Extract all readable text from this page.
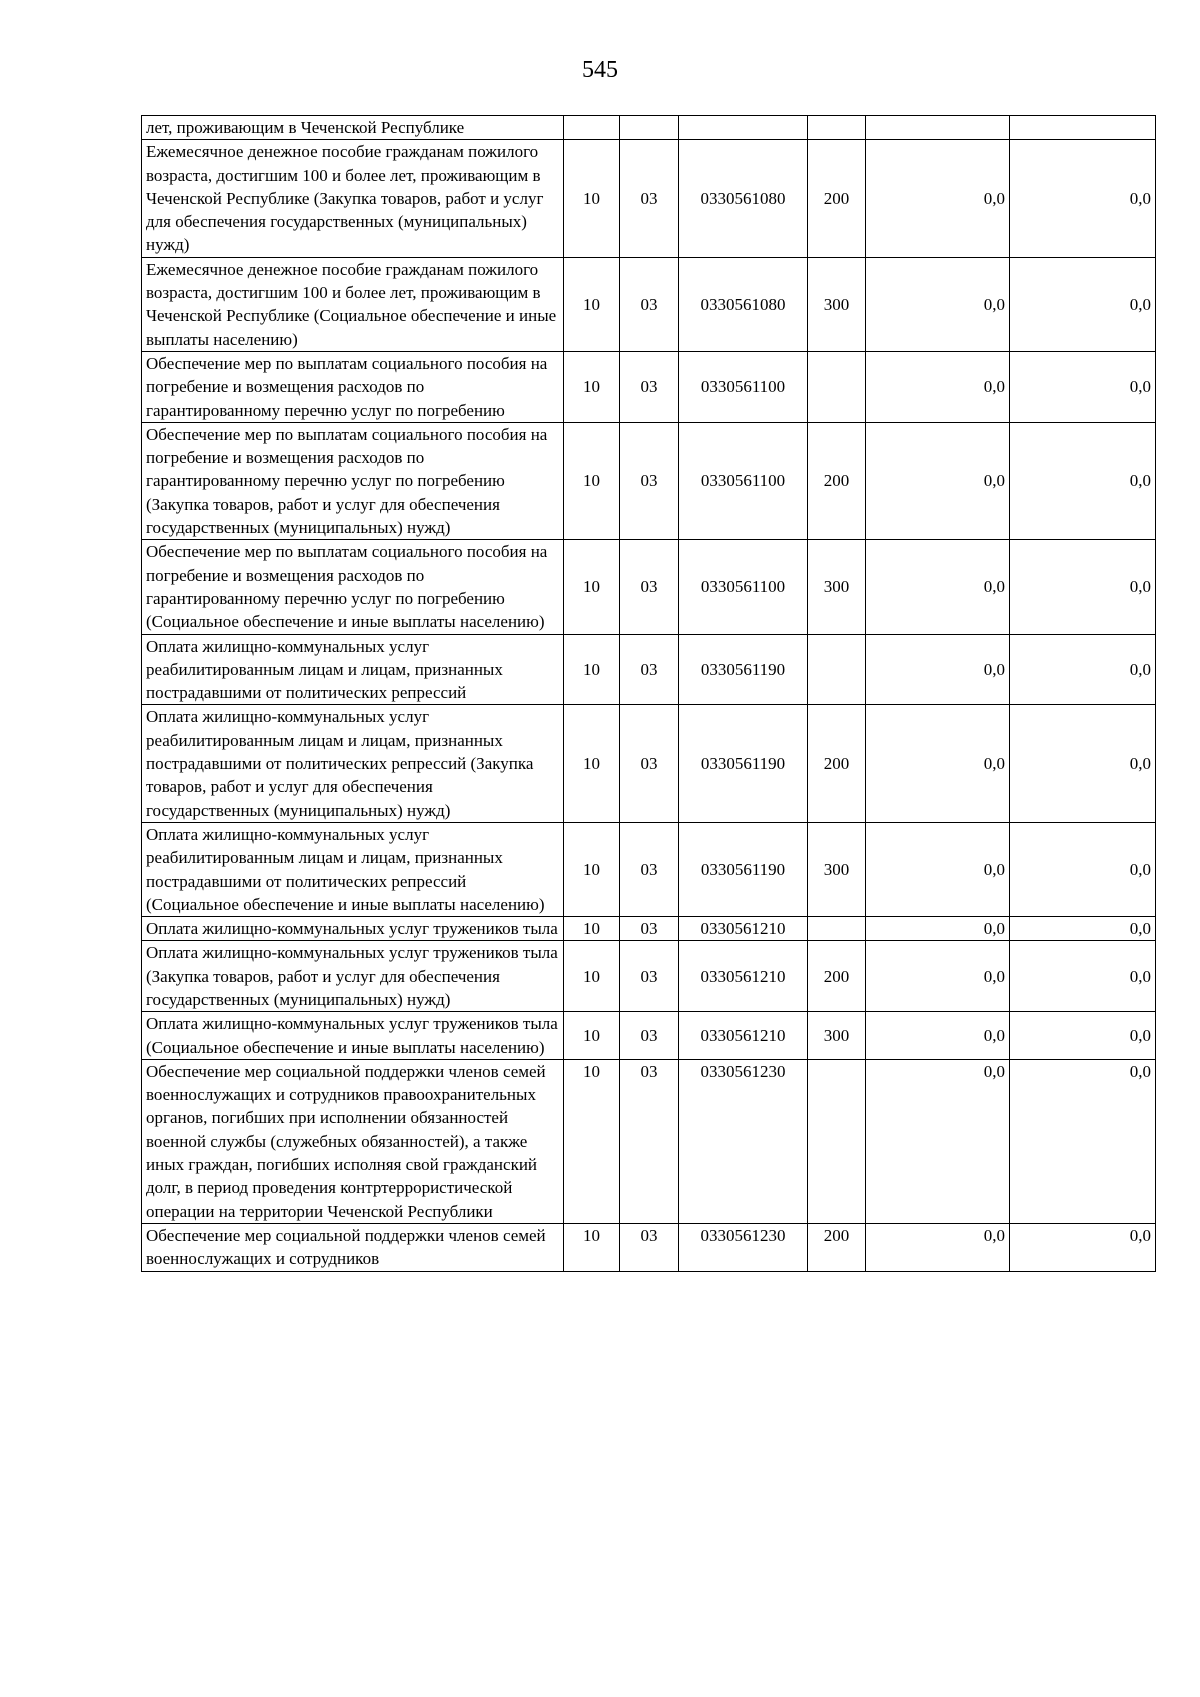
545
лет, проживающим в Чеченской Республике						
Ежемесячное денежное пособие гражданам пожилого возраста, достигшим 100 и более лет, проживающим в Чеченской Республике (Закупка товаров, работ и услуг для обеспечения государственных (муниципальных) нужд)	10	03	0330561080	200	0,0	0,0
Ежемесячное денежное пособие гражданам пожилого возраста, достигшим 100 и более лет, проживающим в Чеченской Республике (Социальное обеспечение и иные выплаты населению)	10	03	0330561080	300	0,0	0,0
Обеспечение мер по выплатам социального пособия на погребение и возмещения расходов по гарантированному перечню услуг по погребению	10	03	0330561100		0,0	0,0
Обеспечение мер по выплатам социального пособия на погребение и возмещения расходов по гарантированному перечню услуг по погребению (Закупка товаров, работ и услуг для обеспечения государственных (муниципальных) нужд)	10	03	0330561100	200	0,0	0,0
Обеспечение мер по выплатам социального пособия на погребение и возмещения расходов по гарантированному перечню услуг по погребению (Социальное обеспечение и иные выплаты населению)	10	03	0330561100	300	0,0	0,0
Оплата жилищно-коммунальных услуг реабилитированным лицам и лицам, признанных пострадавшими от политических репрессий	10	03	0330561190		0,0	0,0
Оплата жилищно-коммунальных услуг реабилитированным лицам и лицам, признанных пострадавшими от политических репрессий (Закупка товаров, работ и услуг для обеспечения государственных (муниципальных) нужд)	10	03	0330561190	200	0,0	0,0
Оплата жилищно-коммунальных услуг реабилитированным лицам и лицам, признанных пострадавшими от политических репрессий (Социальное обеспечение и иные выплаты населению)	10	03	0330561190	300	0,0	0,0
Оплата жилищно-коммунальных услуг тружеников тыла	10	03	0330561210		0,0	0,0
Оплата жилищно-коммунальных услуг тружеников тыла (Закупка товаров, работ и услуг для обеспечения государственных (муниципальных) нужд)	10	03	0330561210	200	0,0	0,0
Оплата жилищно-коммунальных услуг тружеников тыла (Социальное обеспечение и иные выплаты населению)	10	03	0330561210	300	0,0	0,0
Обеспечение мер социальной поддержки членов семей военнослужащих и сотрудников правоохранительных органов, погибших при исполнении обязанностей военной службы (служебных обязанностей), а также иных граждан, погибших исполняя свой гражданский долг, в период проведения контртеррористической операции на территории Чеченской Республики	10	03	0330561230		0,0	0,0
Обеспечение мер социальной поддержки членов семей военнослужащих и сотрудников	10	03	0330561230	200	0,0	0,0
